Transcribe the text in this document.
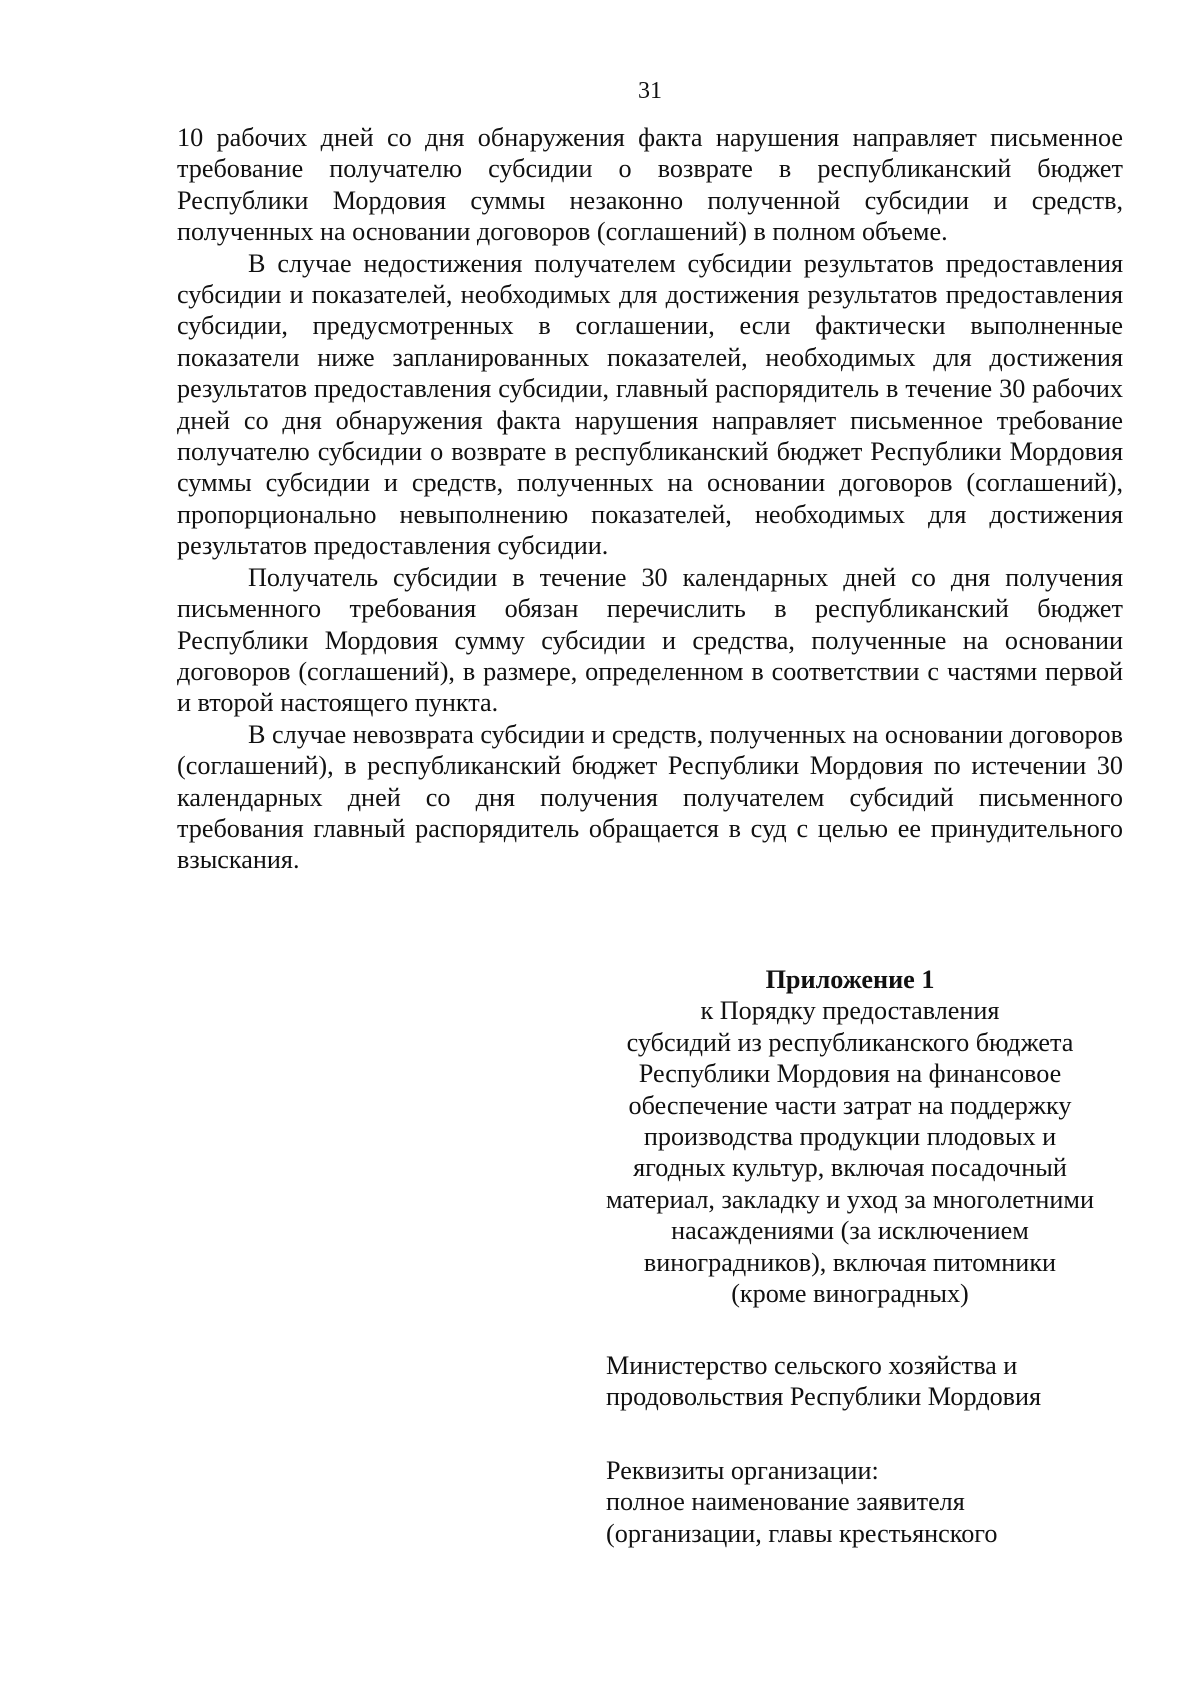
31

10 рабочих дней со дня обнаружения факта нарушения направляет письменное требование получателю субсидии о возврате в республиканский бюджет Республики Мордовия суммы незаконно полученной субсидии и средств, полученных на основании договоров (соглашений) в полном объеме.

В случае недостижения получателем субсидии результатов предоставления субсидии и показателей, необходимых для достижения результатов предоставления субсидии, предусмотренных в соглашении, если фактически выполненные показатели ниже запланированных показателей, необходимых для достижения результатов предоставления субсидии, главный распорядитель в течение 30 рабочих дней со дня обнаружения факта нарушения направляет письменное требование получателю субсидии о возврате в республиканский бюджет Республики Мордовия суммы субсидии и средств, полученных на основании договоров (соглашений), пропорционально невыполнению показателей, необходимых для достижения результатов предоставления субсидии.

Получатель субсидии в течение 30 календарных дней со дня получения письменного требования обязан перечислить в республиканский бюджет Республики Мордовия сумму субсидии и средства, полученные на основании договоров (соглашений), в размере, определенном в соответствии с частями первой и второй настоящего пункта.

В случае невозврата субсидии и средств, полученных на основании договоров (соглашений), в республиканский бюджет Республики Мордовия по истечении 30 календарных дней со дня получения получателем субсидий письменного требования главный распорядитель обращается в суд с целью ее принудительного взыскания.

Приложение 1
к Порядку предоставления
субсидий из республиканского бюджета
Республики Мордовия на финансовое
обеспечение части затрат на поддержку
производства продукции плодовых и
ягодных культур, включая посадочный
материал, закладку и уход за многолетними
насаждениями (за исключением
виноградников), включая питомники
(кроме виноградных)
Министерство сельского хозяйства и
продовольствия Республики Мордовия
Реквизиты организации:
полное наименование заявителя
(организации, главы крестьянского
